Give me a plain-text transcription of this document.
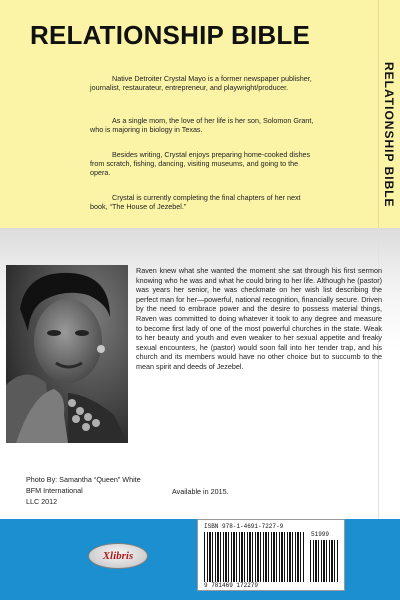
RELATIONSHIP BIBLE

Native Detroiter Crystal Mayo is a former newspaper publisher, journalist, restaurateur, entrepreneur, and playwright/producer.

As a single mom, the love of her life is her son, Solomon Grant, who is majoring in biology in Texas.

Besides writing, Crystal enjoys preparing home-cooked dishes from scratch, fishing, dancing, visiting museums, and going to the opera.

Crystal is currently completing the final chapters of her next book, “The House of Jezebel.”	RELATIONSHIP BIBLE

Raven knew what she wanted the moment she sat through his first sermon knowing who he was and what he could bring to her life. Although he (pastor) was years her senior, he was checkmate on her wish list describing the perfect man for her—powerful, national recognition, financially secure. Driven by the need to embrace power and the desire to possess material things, Raven was committed to doing whatever it took to any degree and measure to become first lady of one of the most powerful churches in the state. Weak to her beauty and youth and even weaker to her sexual appetite and freaky sexual encounters, he (pastor) would soon fall into her tender trap, and his church and its members would have no other choice but to succumb to the mean spirit and deeds of Jezebel.

Photo By: Samantha “Queen” White
BFM International
LLC 2012
Available in 2015.
Xlibris
ISBN 978-1-4691-7227-9
51999
9 781469 172279
